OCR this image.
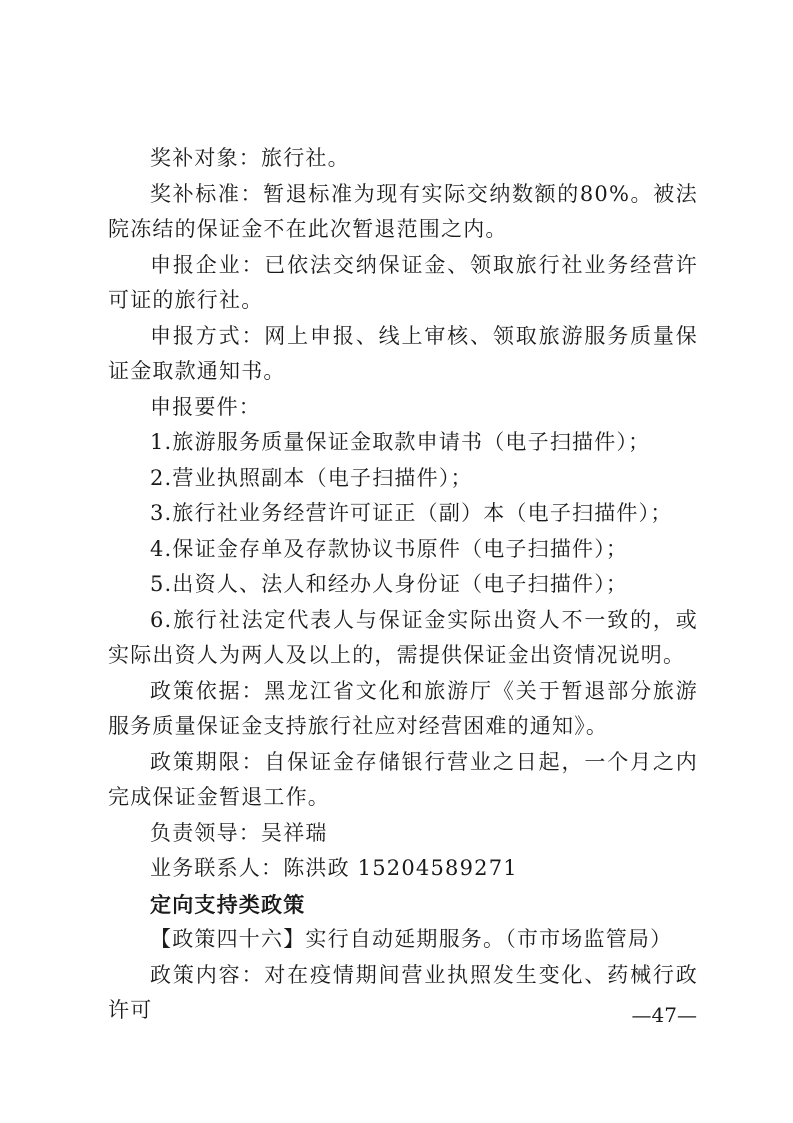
奖补对象：旅行社。

奖补标准：暂退标准为现有实际交纳数额的80%。被法院冻结的保证金不在此次暂退范围之内。

申报企业：已依法交纳保证金、领取旅行社业务经营许可证的旅行社。

申报方式：网上申报、线上审核、领取旅游服务质量保证金取款通知书。

申报要件：

1.旅游服务质量保证金取款申请书（电子扫描件）；

2.营业执照副本（电子扫描件）；

3.旅行社业务经营许可证正（副）本（电子扫描件）；

4.保证金存单及存款协议书原件（电子扫描件）；

5.出资人、法人和经办人身份证（电子扫描件）；

6.旅行社法定代表人与保证金实际出资人不一致的，或实际出资人为两人及以上的，需提供保证金出资情况说明。

政策依据：黑龙江省文化和旅游厅《关于暂退部分旅游服务质量保证金支持旅行社应对经营困难的通知》。

政策期限：自保证金存储银行营业之日起，一个月之内完成保证金暂退工作。

负责领导：吴祥瑞

业务联系人：陈洪政 15204589271

定向支持类政策

【政策四十六】实行自动延期服务。（市市场监管局）

政策内容：对在疫情期间营业执照发生变化、药械行政许可	—47—
